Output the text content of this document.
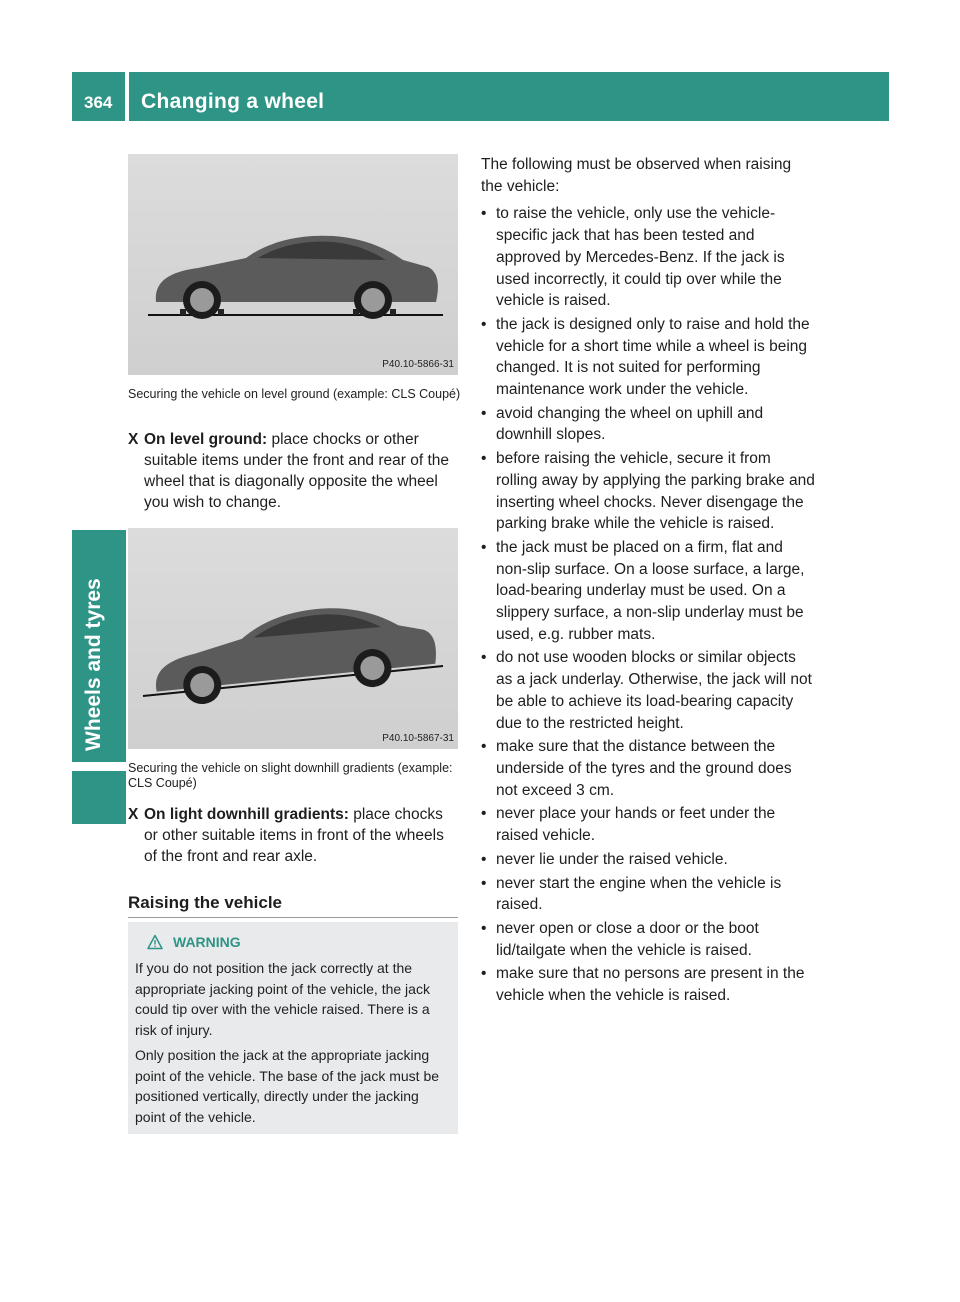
364 Changing a wheel
Wheels and tyres
P40.10-5866-31
Securing the vehicle on level ground (example: CLS Coupé)
X On level ground: place chocks or other suitable items under the front and rear of the wheel that is diagonally opposite the wheel you wish to change.
P40.10-5867-31
Securing the vehicle on slight downhill gradients (example: CLS Coupé)
X On light downhill gradients: place chocks or other suitable items in front of the wheels of the front and rear axle.
Raising the vehicle
WARNING

If you do not position the jack correctly at the appropriate jacking point of the vehicle, the jack could tip over with the vehicle raised. There is a risk of injury.

Only position the jack at the appropriate jacking point of the vehicle. The base of the jack must be positioned vertically, directly under the jacking point of the vehicle.

The following must be observed when raising the vehicle:

• to raise the vehicle, only use the vehicle-specific jack that has been tested and approved by Mercedes-Benz. If the jack is used incorrectly, it could tip over while the vehicle is raised.
• the jack is designed only to raise and hold the vehicle for a short time while a wheel is being changed. It is not suited for performing maintenance work under the vehicle.
• avoid changing the wheel on uphill and downhill slopes.
• before raising the vehicle, secure it from rolling away by applying the parking brake and inserting wheel chocks. Never disengage the parking brake while the vehicle is raised.
• the jack must be placed on a firm, flat and non-slip surface. On a loose surface, a large, load-bearing underlay must be used. On a slippery surface, a non-slip underlay must be used, e.g. rubber mats.
• do not use wooden blocks or similar objects as a jack underlay. Otherwise, the jack will not be able to achieve its load-bearing capacity due to the restricted height.
• make sure that the distance between the underside of the tyres and the ground does not exceed 3 cm.
• never place your hands or feet under the raised vehicle.
• never lie under the raised vehicle.
• never start the engine when the vehicle is raised.
• never open or close a door or the boot lid/tailgate when the vehicle is raised.
• make sure that no persons are present in the vehicle when the vehicle is raised.
